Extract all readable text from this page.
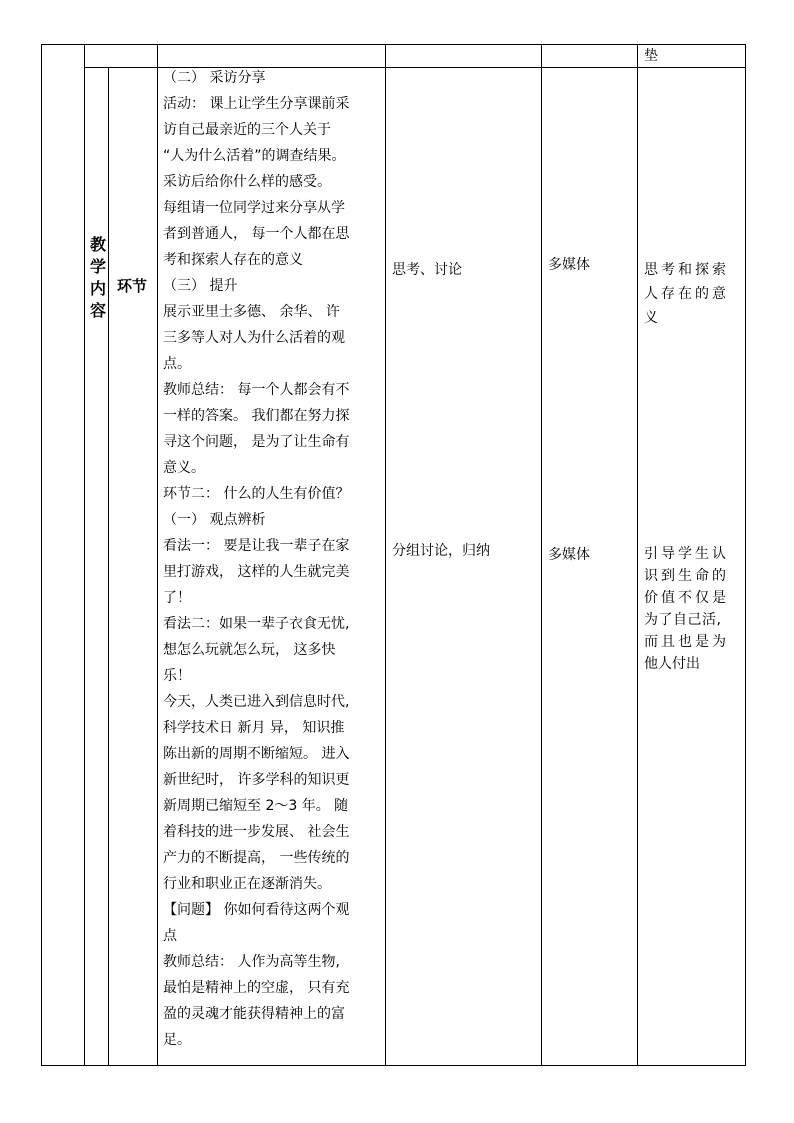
垫
教
学
内
容
环节
（二） 采访分享
活动： 课上让学生分享课前采
访自己最亲近的三个人关于
“人为什么活着”的调查结果。
采访后给你什么样的感受。
每组请一位同学过来分享从学
者到普通人， 每一个人都在思
考和探索人存在的意义
（三） 提升
展示亚里士多德、 余华、 许
三多等人对人为什么活着的观
点。
教师总结： 每一个人都会有不
一样的答案。 我们都在努力探
寻这个问题， 是为了让生命有
意义。
环节二： 什么的人生有价值？
（一） 观点辨析
看法一： 要是让我一辈子在家
里打游戏， 这样的人生就完美
了！
看法二：如果一辈子衣食无忧,
想怎么玩就怎么玩， 这多快
乐！
今天，人类已进入到信息时代,
科学技术日 新月 异， 知识推
陈出新的周期不断缩短。 进入
新世纪时， 许多学科的知识更
新周期已缩短至 2～3 年。 随
着科技的进一步发展、 社会生
产力的不断提高， 一些传统的
行业和职业正在逐渐消失。
【问题】 你如何看待这两个观
点
教师总结： 人作为高等生物,
最怕是精神上的空虚， 只有充
盈的灵魂才能获得精神上的富
足。
思考、讨论
分组讨论，归纳
多媒体
多媒体
思考和探索
人存在的意
义
引导学生认
识到生命的
价值不仅是
为了自己活,
而且也是为
他人付出
